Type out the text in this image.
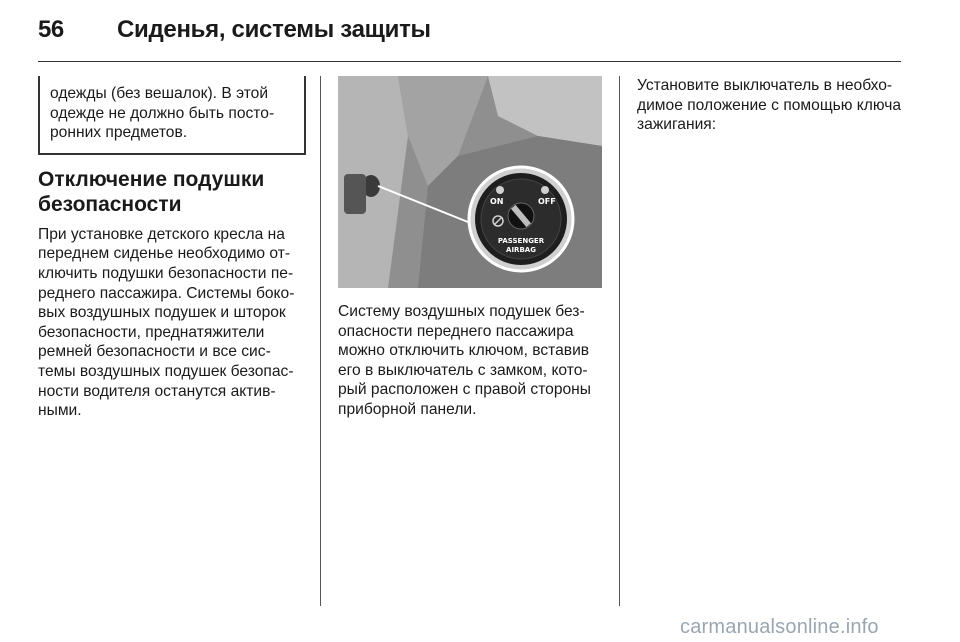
56 Сиденья, системы защиты

одежды (без вешалок). В этой одежде не должно быть посто-ронних предметов.

Отключение подушки безопасности

При установке детского кресла на переднем сиденье необходимо от-ключить подушки безопасности пе-реднего пассажира. Системы боко-вых воздушных подушек и шторок безопасности, преднатяжители ремней безопасности и все сис-темы воздушных подушек безопас-ности водителя останутся актив-ными.

ON	OFF
PASSENGER
AIRBAG

Систему воздушных подушек без-опасности переднего пассажира можно отключить ключом, вставив его в выключатель с замком, кото-рый расположен с правой стороны приборной панели.

Установите выключатель в необхо-димое положение с помощью ключа зажигания:

carmanualsonline.info
